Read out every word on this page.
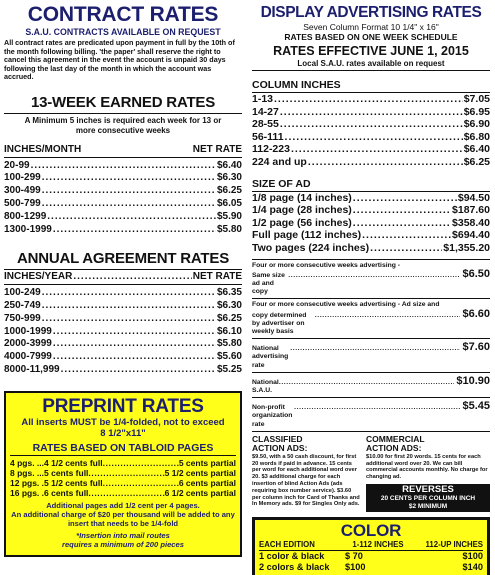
CONTRACT RATES
S.A.U. CONTRACTS AVAILABLE ON REQUEST
All contract rates are predicated upon payment in full by the 10th of the month following billing. 'the paper' shall reserve the right to cancel this agreement in the event the account is unpaid 30 days following the last day of the month in which the account was accrued.
13-WEEK EARNED RATES
A Minimum 5 inches is required each week for 13 or more consecutive weeks
INCHES/MONTH	NET RATE
20-99 .....	$6.40
100-299 .....	$6.30
300-499 .....	$6.25
500-799 .....	$6.05
800-1299 .....	$5.90
1300-1999 .....	$5.80
ANNUAL AGREEMENT RATES
INCHES/YEAR .....	NET RATE
100-249 .....	$6.35
250-749 .....	$6.30
750-999 .....	$6.25
1000-1999 .....	$6.10
2000-3999 .....	$5.80
4000-7999 .....	$5.60
8000-11,999 .....	$5.25
PREPRINT RATES
All inserts MUST be 1/4-folded, not to exceed 8 1/2"x11"
RATES BASED ON TABLOID PAGES
4 pgs. ... 4 1/2 cents full .....	5 cents partial
8 pgs. ... 5 cents full .....	5 1/2 cents partial
12 pgs. . 5 1/2 cents full .....	6 cents partial
16 pgs. . 6 cents full .....	6 1/2 cents partial
Additional pages add 1/2 cent per 4 pages.
An additional charge of $20 per thousand will be added to any insert that needs to be 1/4-fold
*Insertion into mail routes
requires a minimum of 200 pieces
DISPLAY ADVERTISING RATES
Seven Column Format 10 1/4" x 16"
RATES BASED ON ONE WEEK SCHEDULE
RATES EFFECTIVE JUNE 1, 2015
Local S.A.U. rates available on request
COLUMN INCHES
1-13 .....	$7.05
14-27 .....	$6.95
28-55 .....	$6.90
56-111 .....	$6.80
112-223 .....	$6.40
224 and up .....	$6.25
SIZE OF AD
1/8 page (14 inches) .....	$94.50
1/4 page (28 inches) .....	$187.60
1/2 page (56 inches) .....	$358.40
Full page (112 inches) .....	$694.40
Two pages (224 inches) .....	$1,355.20
Four or more consecutive weeks advertising -
Same size ad and copy
.....
$6.50
Four or more consecutive weeks advertising - Ad size and
copy determined by advertiser on weekly basis
.....
$6.60
National advertising rate
.....
$7.60
National S.A.U.
.....
$10.90
Non-profit organization rate
.....
$5.45
CLASSIFIED
ACTION ADS:
$9.50, with a 50 cash discount, for first 20 words if paid in advance. 15 cents per word for each additional word over 20. $3 additional charge for each insertion of blind Action Ads (ads requiring box number service). $3.60 per column inch for Card of Thanks and In Memory ads. $9 for Singles Only ads.
COMMERCIAL
ACTION ADS:
$10.00 for first 20 words. 15 cents for each additional word over 20. We can bill commercial accounts monthly. No charge for changing ad.
REVERSES
20 CENTS PER COLUMN INCH
$2 MINIMUM
COLOR
EACH EDITION	1-112 INCHES	112-UP INCHES
1 color & black	$ 70	$100
2 colors & black	$100	$140
